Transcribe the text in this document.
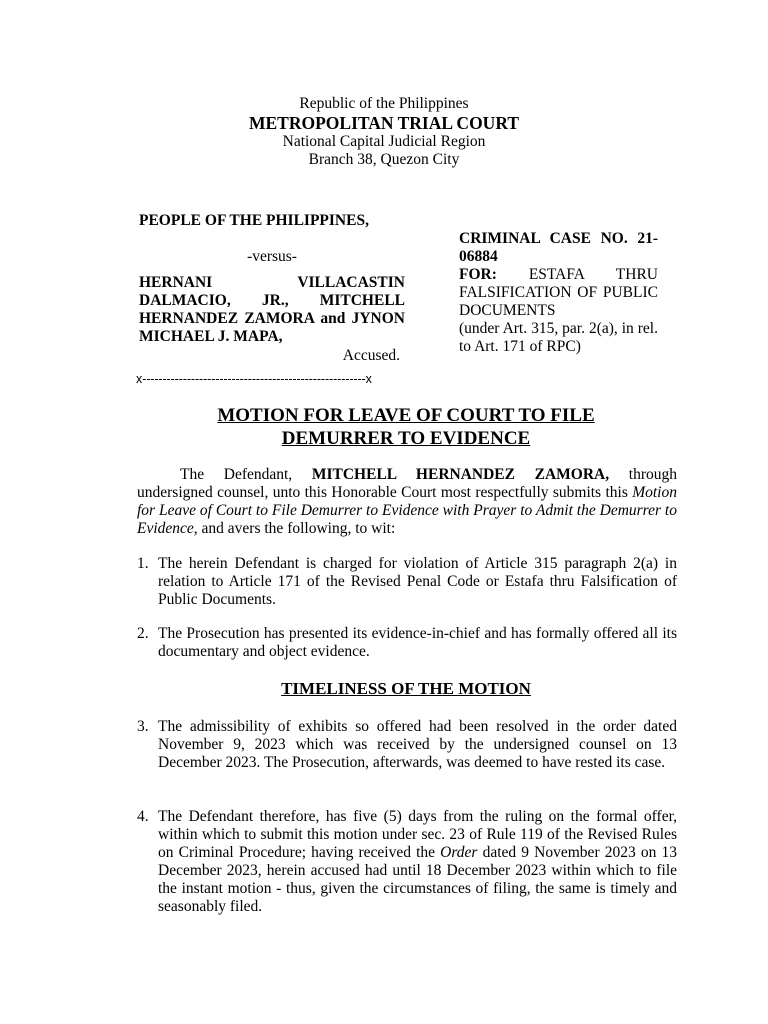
Republic of the Philippines
METROPOLITAN TRIAL COURT
National Capital Judicial Region
Branch 38, Quezon City
PEOPLE OF THE PHILIPPINES,
-versus-
HERNANI VILLACASTIN DALMACIO, JR., MITCHELL HERNANDEZ ZAMORA and JYNON MICHAEL J. MAPA,
Accused.
x-------------------------------------------------------x
CRIMINAL CASE NO. 21-06884
FOR: ESTAFA THRU FALSIFICATION OF PUBLIC DOCUMENTS
(under Art. 315, par. 2(a), in rel. to Art. 171 of RPC)
MOTION FOR LEAVE OF COURT TO FILE
DEMURRER TO EVIDENCE
The Defendant, MITCHELL HERNANDEZ ZAMORA, through undersigned counsel, unto this Honorable Court most respectfully submits this Motion for Leave of Court to File Demurrer to Evidence with Prayer to Admit the Demurrer to Evidence, and avers the following, to wit:
1. The herein Defendant is charged for violation of Article 315 paragraph 2(a) in relation to Article 171 of the Revised Penal Code or Estafa thru Falsification of Public Documents.
2. The Prosecution has presented its evidence-in-chief and has formally offered all its documentary and object evidence.
TIMELINESS OF THE MOTION
3. The admissibility of exhibits so offered had been resolved in the order dated November 9, 2023 which was received by the undersigned counsel on 13 December 2023. The Prosecution, afterwards, was deemed to have rested its case.
4. The Defendant therefore, has five (5) days from the ruling on the formal offer, within which to submit this motion under sec. 23 of Rule 119 of the Revised Rules on Criminal Procedure; having received the Order dated 9 November 2023 on 13 December 2023, herein accused had until 18 December 2023 within which to file the instant motion - thus, given the circumstances of filing, the same is timely and seasonably filed.
